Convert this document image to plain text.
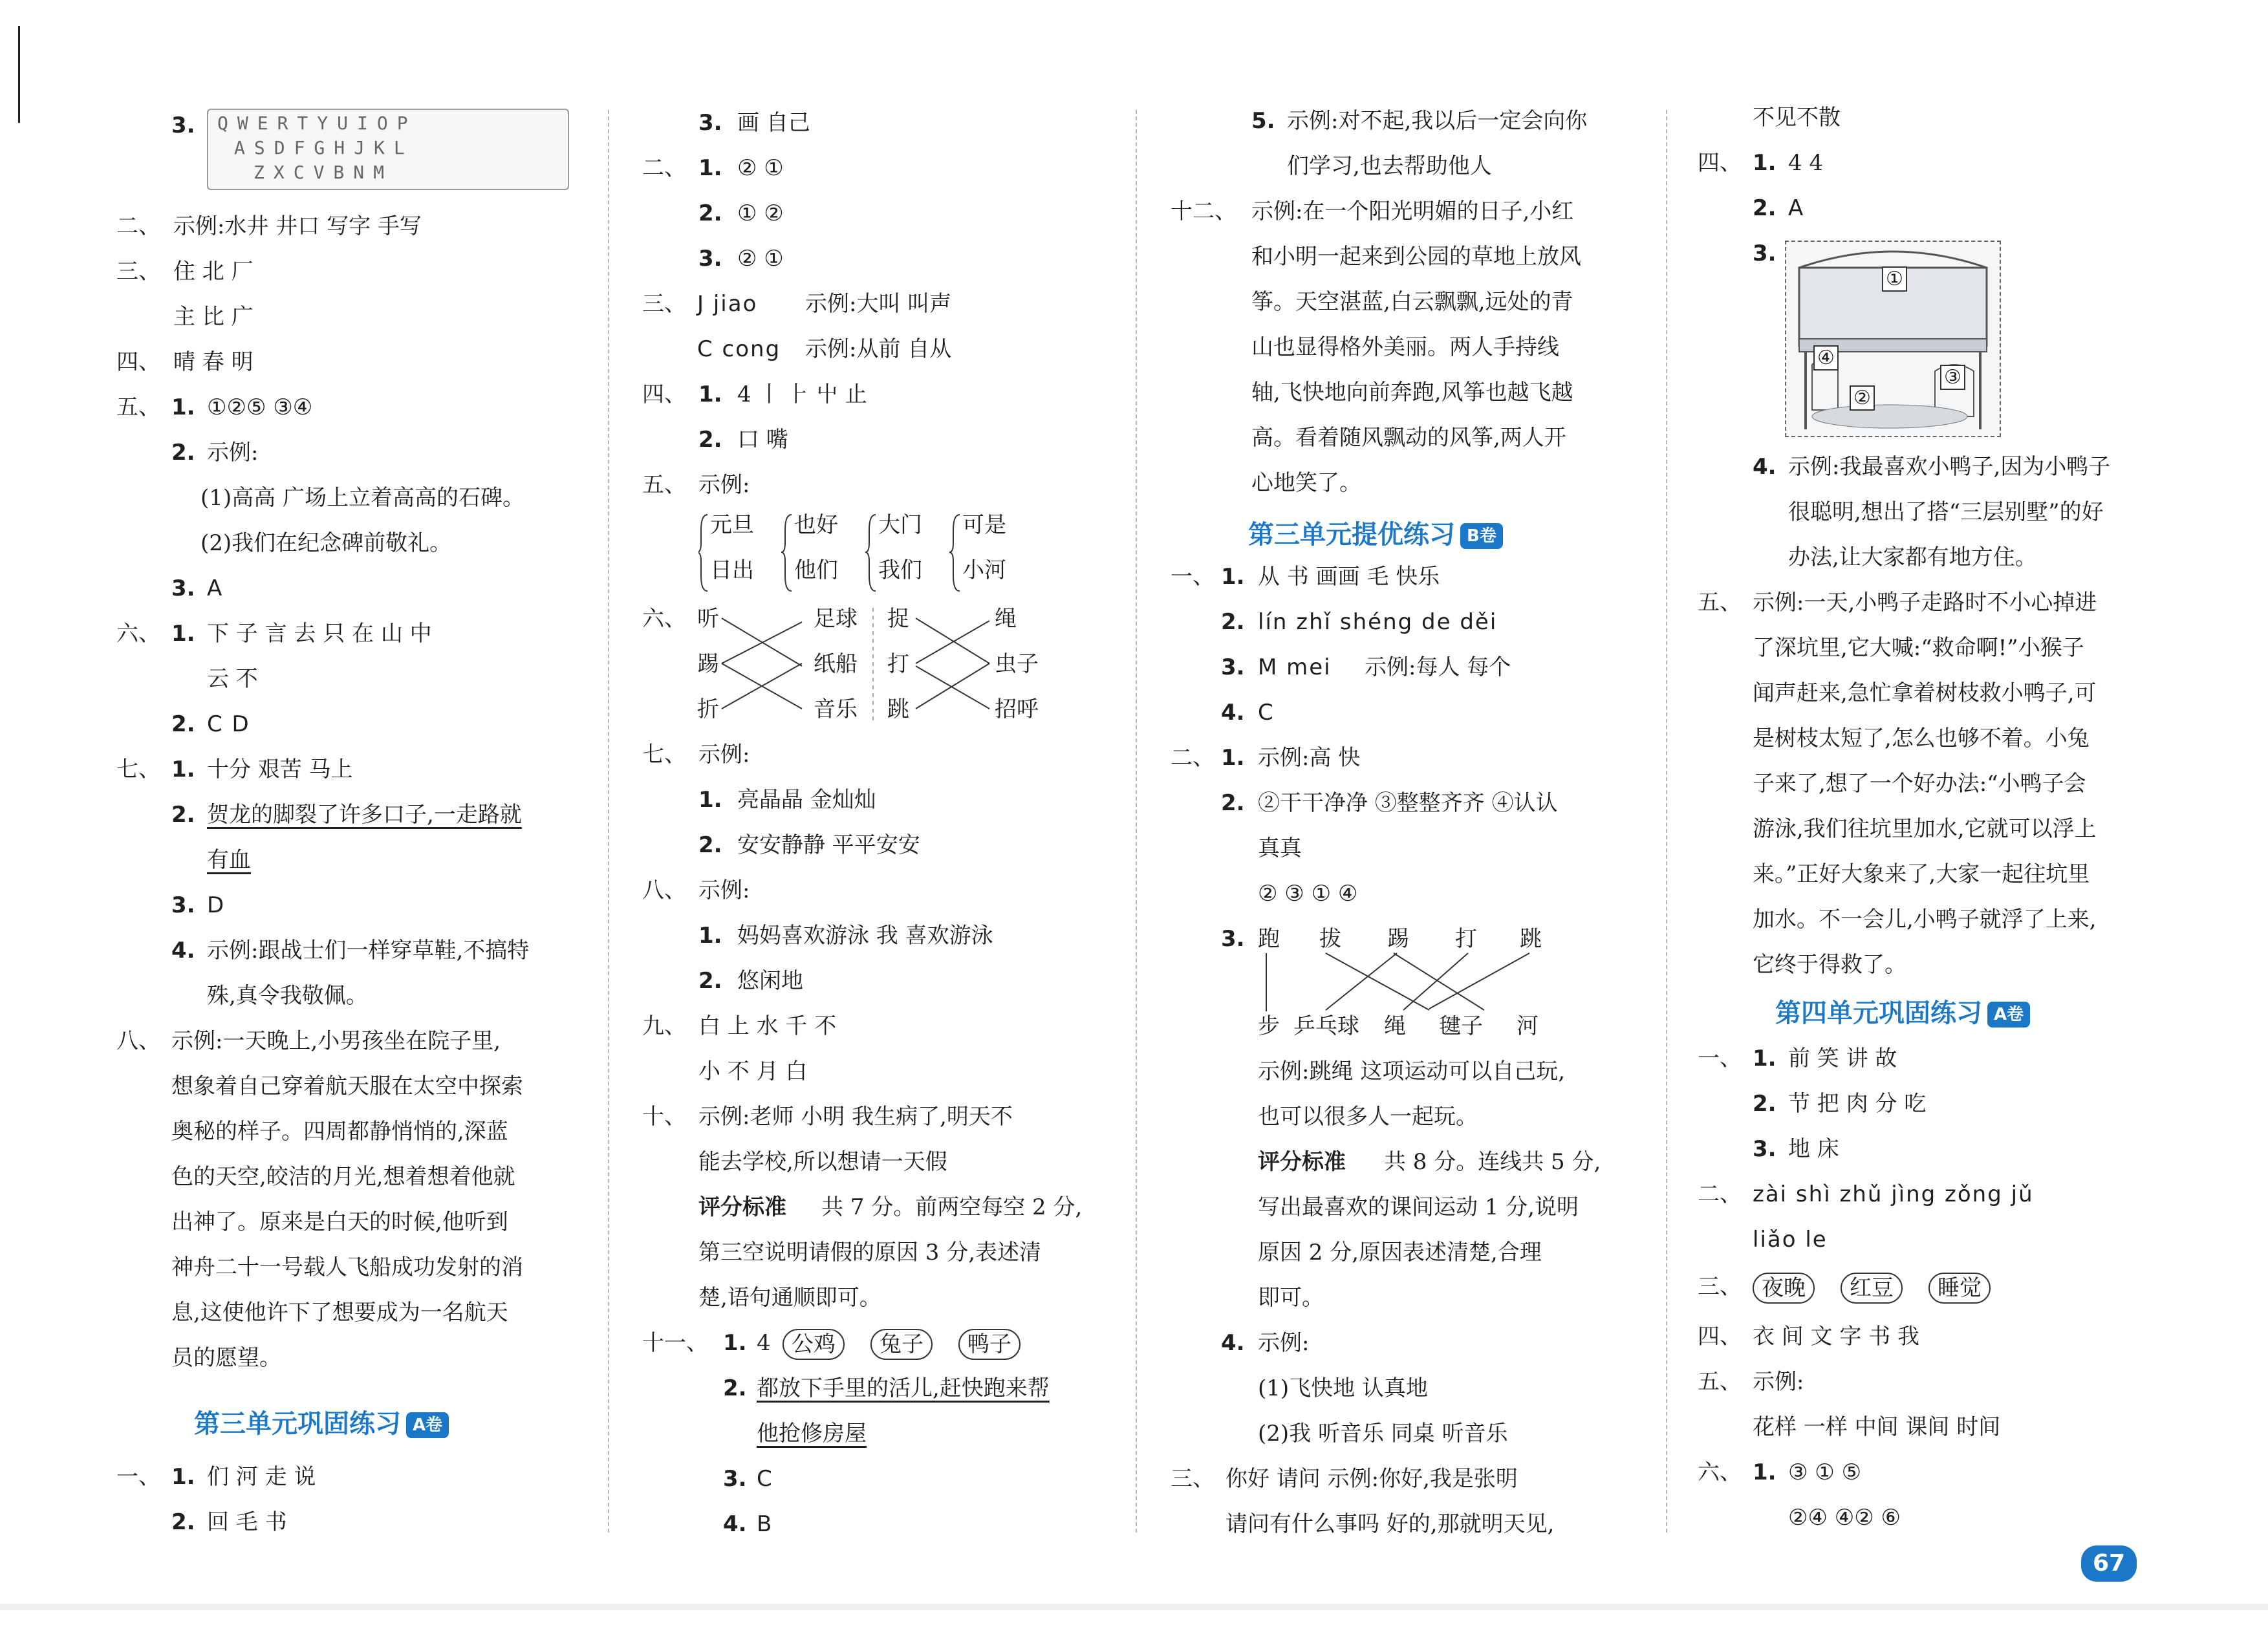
3. QWERTYUIOP
ASDFGHJKL
ZXCVBNM
二、 示例:水井 井口 写字 手写
三、 住 北 厂
主 比 广
四、 晴 春 明
五、 1. ①②⑤ ③④
2. 示例:
(1)高高 广场上立着高高的石碑。
(2)我们在纪念碑前敬礼。
3. A
六、 1. 下 子 言 去 只 在 山 中
云 不
2. C D
七、 1. 十分 艰苦 马上
2. 贺龙的脚裂了许多口子,一走路就
有血
3. D
4. 示例:跟战士们一样穿草鞋,不搞特
殊,真令我敬佩。
八、 示例:一天晚上,小男孩坐在院子里,
想象着自己穿着航天服在太空中探索
奥秘的样子。四周都静悄悄的,深蓝
色的天空,皎洁的月光,想着想着他就
出神了。原来是白天的时候,他听到
神舟二十一号载人飞船成功发射的消
息,这使他许下了想要成为一名航天
员的愿望。
第三单元巩固练习 A卷
一、 1. 们 河 走 说
2. 回 毛 书
3. 画 自己
二、 1. ② ①
2. ① ②
3. ② ①
三、 J jiao 示例:大叫 叫声
C cong 示例:从前 自从
四、 1. 4 丨 ⺊ 屮 止
2. 口 嘴
五、 示例:
元旦 也好 大门 可是
日出 他们 我们 小河
六、 听
踢
折
足球
纸船
音乐
捉
打
跳
绳
虫子
招呼
七、 示例:
1. 亮晶晶 金灿灿
2. 安安静静 平平安安
八、 示例:
1. 妈妈喜欢游泳 我 喜欢游泳
2. 悠闲地
九、 白 上 水 千 不
小 不 月 白
十、 示例:老师 小明 我生病了,明天不
能去学校,所以想请一天假
评分标准 共 7 分。前两空每空 2 分,
第三空说明请假的原因 3 分,表述清
楚,语句通顺即可。
十一、 1. 4 公鸡 兔子 鸭子
2. 都放下手里的活儿,赶快跑来帮
他抢修房屋
3. C
4. B
5. 示例:对不起,我以后一定会向你
们学习,也去帮助他人
十二、 示例:在一个阳光明媚的日子,小红
和小明一起来到公园的草地上放风
筝。天空湛蓝,白云飘飘,远处的青
山也显得格外美丽。两人手持线
轴,飞快地向前奔跑,风筝也越飞越
高。看着随风飘动的风筝,两人开
心地笑了。
第三单元提优练习 B卷
一、 1. 从 书 画画 毛 快乐
2. lín zhǐ shéng de děi
3. M mei 示例:每人 每个
4. C
二、 1. 示例:高 快
2. ②干干净净 ③整整齐齐 ④认认
真真
② ③ ① ④
3. 跑 拔 踢 打 跳
步 乒乓球 绳 毽子 河
示例:跳绳 这项运动可以自己玩,
也可以很多人一起玩。
评分标准 共 8 分。连线共 5 分,
写出最喜欢的课间运动 1 分,说明
原因 2 分,原因表述清楚,合理
即可。
4. 示例:
(1)飞快地 认真地
(2)我 听音乐 同桌 听音乐
三、 你好 请问 示例:你好,我是张明
请问有什么事吗 好的,那就明天见,
不见不散
四、 1. 4 4
2. A
3.
①
④
②
③
4. 示例:我最喜欢小鸭子,因为小鸭子
很聪明,想出了搭“三层别墅”的好
办法,让大家都有地方住。
五、 示例:一天,小鸭子走路时不小心掉进
了深坑里,它大喊:“救命啊!”小猴子
闻声赶来,急忙拿着树枝救小鸭子,可
是树枝太短了,怎么也够不着。小兔
子来了,想了一个好办法:“小鸭子会
游泳,我们往坑里加水,它就可以浮上
来。”正好大象来了,大家一起往坑里
加水。不一会儿,小鸭子就浮了上来,
它终于得救了。
第四单元巩固练习 A卷
一、 1. 前 笑 讲 故
2. 节 把 肉 分 吃
3. 地 床
二、 zài shì zhǔ jìng zǒng jǔ
liǎo le
三、 夜晚 红豆 睡觉
四、 衣 间 文 字 书 我
五、 示例:
花样 一样 中间 课间 时间
六、 1. ③ ① ⑤
②④ ④② ⑥
67
